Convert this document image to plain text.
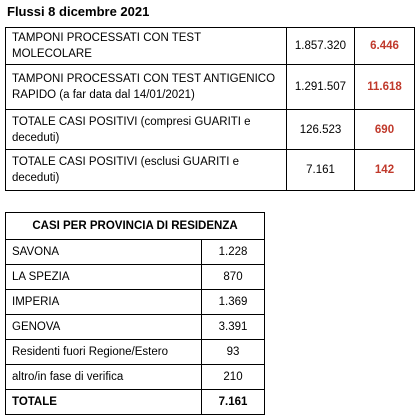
Flussi 8 dicembre 2021
TAMPONI PROCESSATI CON TEST MOLECOLARE	1.857.320	6.446
TAMPONI PROCESSATI CON TEST ANTIGENICO RAPIDO (a far data dal 14/01/2021)	1.291.507	11.618
TOTALE CASI POSITIVI (compresi GUARITI e deceduti)	126.523	690
TOTALE CASI POSITIVI (esclusi GUARITI e deceduti)	7.161	142
CASI PER PROVINCIA DI RESIDENZA	
SAVONA	1.228
LA SPEZIA	870
IMPERIA	1.369
GENOVA	3.391
Residenti fuori Regione/Estero	93
altro/in fase di verifica	210
TOTALE	7.161
